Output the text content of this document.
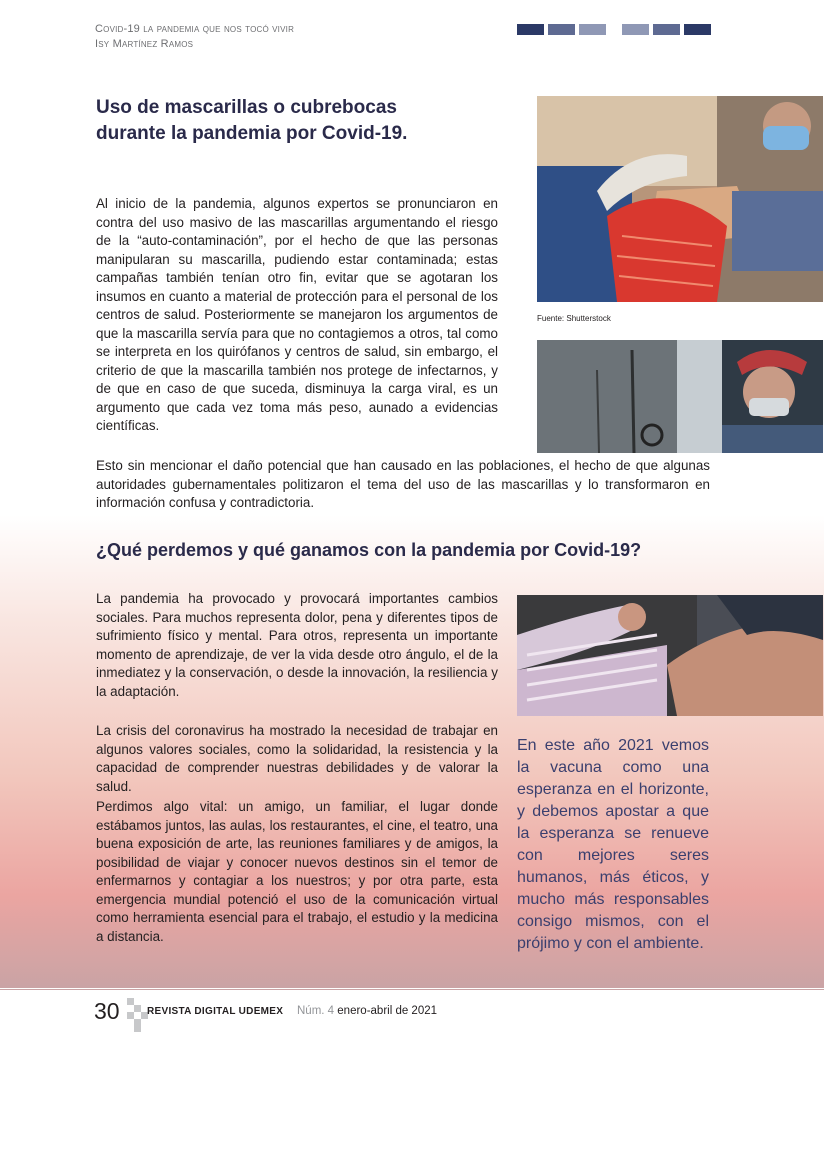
Covid-19 la pandemia que nos tocó vivir
Isy Martínez Ramos
Uso de mascarillas o cubrebocas durante la pandemia por Covid-19.

Al inicio de la pandemia, algunos expertos se pronunciaron en contra del uso masivo de las mascarillas argumentando el riesgo de la “auto-contaminación”, por el hecho de que las personas manipularan su mascarilla, pudiendo estar contaminada; estas campañas también tenían otro fin, evitar que se agotaran los insumos en cuanto a material de protección para el personal de los centros de salud. Posteriormente se manejaron los argumentos de que la mascarilla servía para que no contagiemos a otros, tal como se interpreta en los quirófanos y centros de salud, sin embargo, el criterio de que la mascarilla también nos protege de infectarnos, y de que en caso de que suceda, disminuya la carga viral, es un argumento que cada vez toma más peso, aunado a evidencias científicas.

Fuente: Shutterstock

Esto sin mencionar el daño potencial que han causado en las poblaciones, el hecho de que algunas autoridades gubernamentales politizaron el tema del uso de las mascarillas y lo transformaron en información confusa y contradictoria.

¿Qué perdemos y qué ganamos con la pandemia por Covid-19?

La pandemia ha provocado y provocará importantes cambios sociales. Para muchos representa dolor, pena y diferentes tipos de sufrimiento físico y mental. Para otros, representa un importante momento de aprendizaje, de ver la vida desde otro ángulo, el de la inmediatez y la conservación, o desde la innovación, la resiliencia y la adaptación.

La crisis del coronavirus ha mostrado la necesidad de trabajar en algunos valores sociales, como la solidaridad, la resistencia y la capacidad de comprender nuestras debilidades y de valorar la salud.

Perdimos algo vital: un amigo, un familiar, el lugar donde estábamos juntos, las aulas, los restaurantes, el cine, el teatro, una buena exposición de arte, las reuniones familiares y de amigos, la posibilidad de viajar y conocer nuevos destinos sin el temor de enfermarnos y contagiar a los nuestros; y por otra parte, esta emergencia mundial potenció el uso de la comunicación virtual como herramienta esencial para el trabajo, el estudio y la medicina a distancia.

En este año 2021 vemos la vacuna como una esperanza en el horizonte, y debemos apostar a que la esperanza se renueve con mejores seres humanos, más éticos, y mucho más responsables consigo mismos, con el prójimo y con el ambiente.
30	REVISTA DIGITAL UDEMEX Núm. 4 enero-abril de 2021
